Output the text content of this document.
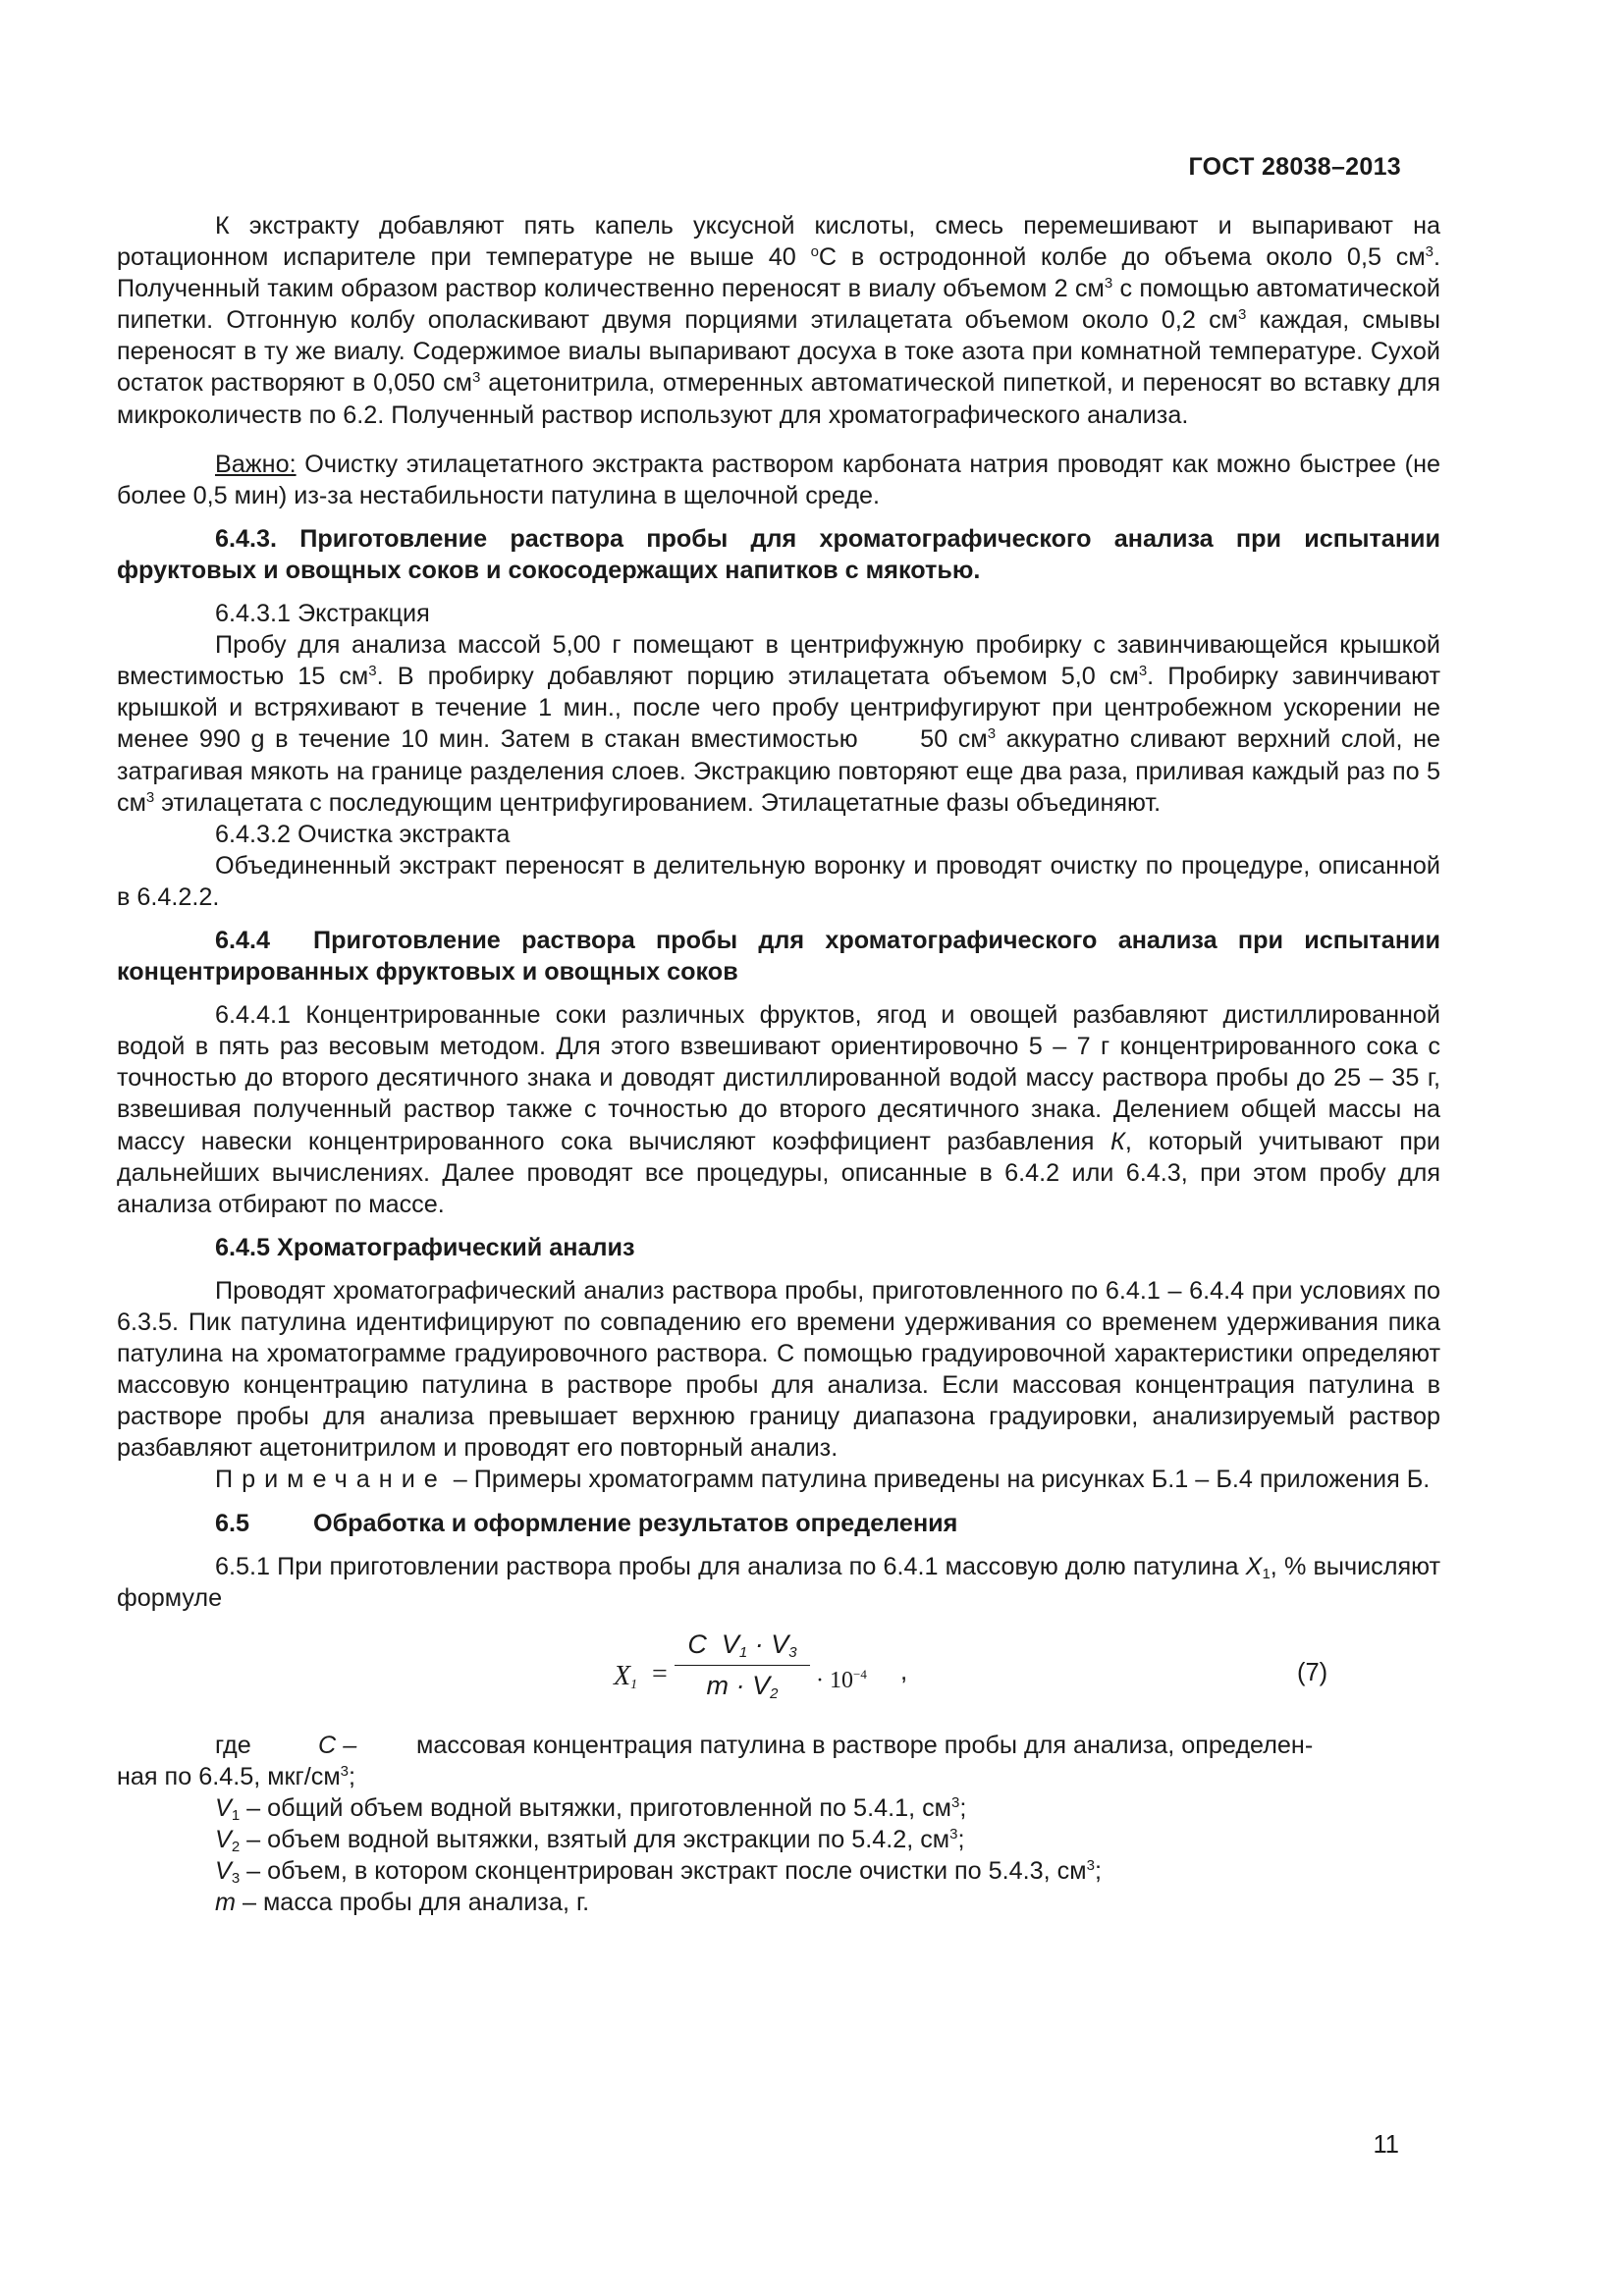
ГОСТ 28038–2013

К экстракту добавляют пять капель уксусной кислоты, смесь перемешивают и выпаривают на ротационном испарителе при температуре не выше 40 $^о$С в остродонной колбе до объема около 0,5 $см^3$. Полученный таким образом раствор количественно переносят в виалу объемом 2 $см^3$ с помощью автоматической пипетки. Отгонную колбу ополаскивают двумя порциями этилацетата объемом около 0,2 $см^3$ каждая, смывы переносят в ту же виалу. Содержимое виалы выпаривают досуха в токе азота при комнатной температуре. Сухой остаток растворяют в 0,050 $см^3$ ацетонитрила, отмеренных автоматической пипеткой, и переносят во вставку для микроколичеств по 6.2. Полученный раствор используют для хроматографического анализа.

Важно: Очистку этилацетатного экстракта раствором карбоната натрия проводят как можно быстрее (не более 0,5 мин) из-за нестабильности патулина в щелочной среде.

6.4.3. Приготовление раствора пробы для хроматографического анализа при испытании фруктовых и овощных соков и сокосодержащих напитков с мякотью.

6.4.3.1 Экстракция

Пробу для анализа массой 5,00 г помещают в центрифужную пробирку с завинчивающейся крышкой вместимостью 15 $см^3$. В пробирку добавляют порцию этилацетата объемом 5,0 $см^3$. Пробирку завинчивают крышкой и встряхивают в течение 1 мин., после чего пробу центрифугируют при центробежном ускорении не менее 990 g в течение 10 мин. Затем в стакан вместимостью      50 $см^3$ аккуратно сливают верхний слой, не затрагивая мякоть на границе разделения слоев. Экстракцию повторяют еще два раза, приливая каждый раз по 5 $см^3$ этилацетата с последующим центрифугированием. Этилацетатные фазы объединяют.

6.4.3.2 Очистка экстракта

Объединенный экстракт переносят в делительную воронку и проводят очистку по процедуре, описанной в 6.4.2.2.

6.4.4 Приготовление раствора пробы для хроматографического анализа при испытании концентрированных фруктовых и овощных соков

6.4.4.1 Концентрированные соки различных фруктов, ягод и овощей разбавляют дистиллированной водой в пять раз весовым методом. Для этого взвешивают ориентировочно 5 – 7 г концентрированного сока с точностью до второго десятичного знака и доводят дистиллированной водой массу раствора пробы до 25 – 35 г, взвешивая полученный раствор также с точностью до второго десятичного знака. Делением общей массы на массу навески концентрированного сока вычисляют коэффициент разбавления К, который учитывают при дальнейших вычислениях. Далее проводят все процедуры, описанные в 6.4.2 или 6.4.3, при этом пробу для анализа отбирают по массе.

6.4.5 Хроматографический анализ

Проводят хроматографический анализ раствора пробы, приготовленного по 6.4.1 – 6.4.4 при условиях по 6.3.5. Пик патулина идентифицируют по совпадению его времени удерживания со временем удерживания пика патулина на хроматограмме градуировочного раствора. С помощью градуировочной характеристики определяют массовую концентрацию патулина в растворе пробы для анализа. Если массовая концентрация патулина в растворе пробы для анализа превышает верхнюю границу диапазона градуировки, анализируемый раствор разбавляют ацетонитрилом и проводят его повторный анализ.

Примечание – Примеры хроматограмм патулина приведены на рисунках Б.1 – Б.4 приложения Б.

6.5	Обработка и оформление результатов определения

6.5.1 При приготовлении раствора пробы для анализа по 6.4.1 массовую долю патулина $X_1$, % вычисляют формуле

$X_1$ =
C $V_1 \cdot V_3$
$m \cdot V_2$
· $10^{-4}$ ,	(7)
где	C – массовая концентрация патулина в растворе пробы для анализа, определен-

ная по 6.4.5, мкг/$см^3$;

$V_1$ – общий объем водной вытяжки, приготовленной по 5.4.1, $см^3$;

$V_2$ – объем водной вытяжки, взятый для экстракции по 5.4.2, $см^3$;

$V_3$ – объем, в котором сконцентрирован экстракт после очистки по 5.4.3, $см^3$;

m – масса пробы для анализа, г.

11
